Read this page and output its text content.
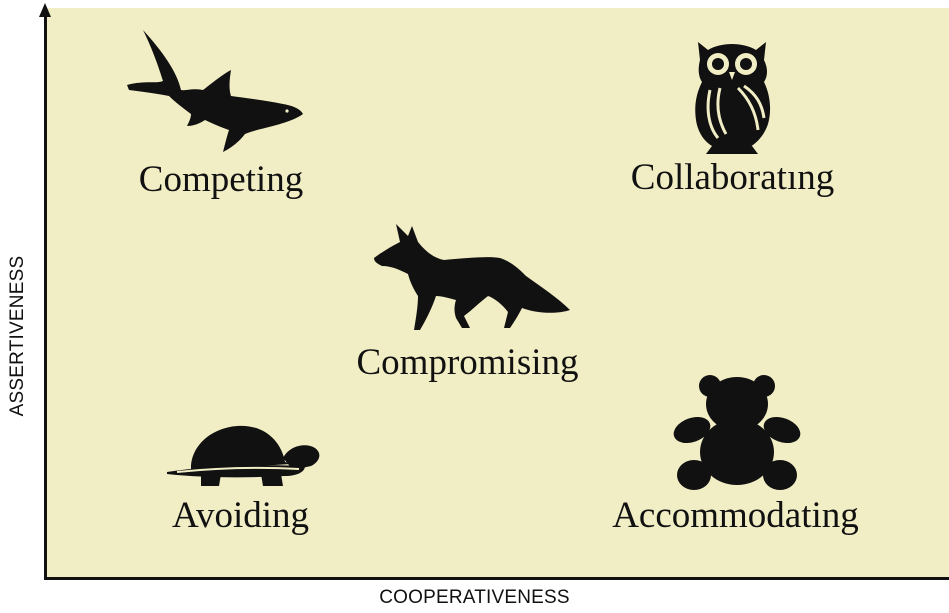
COOPERATIVENESS
ASSERTIVENESS
Competing	Collaboratıng
Compromising
Avoiding	Accommodating
